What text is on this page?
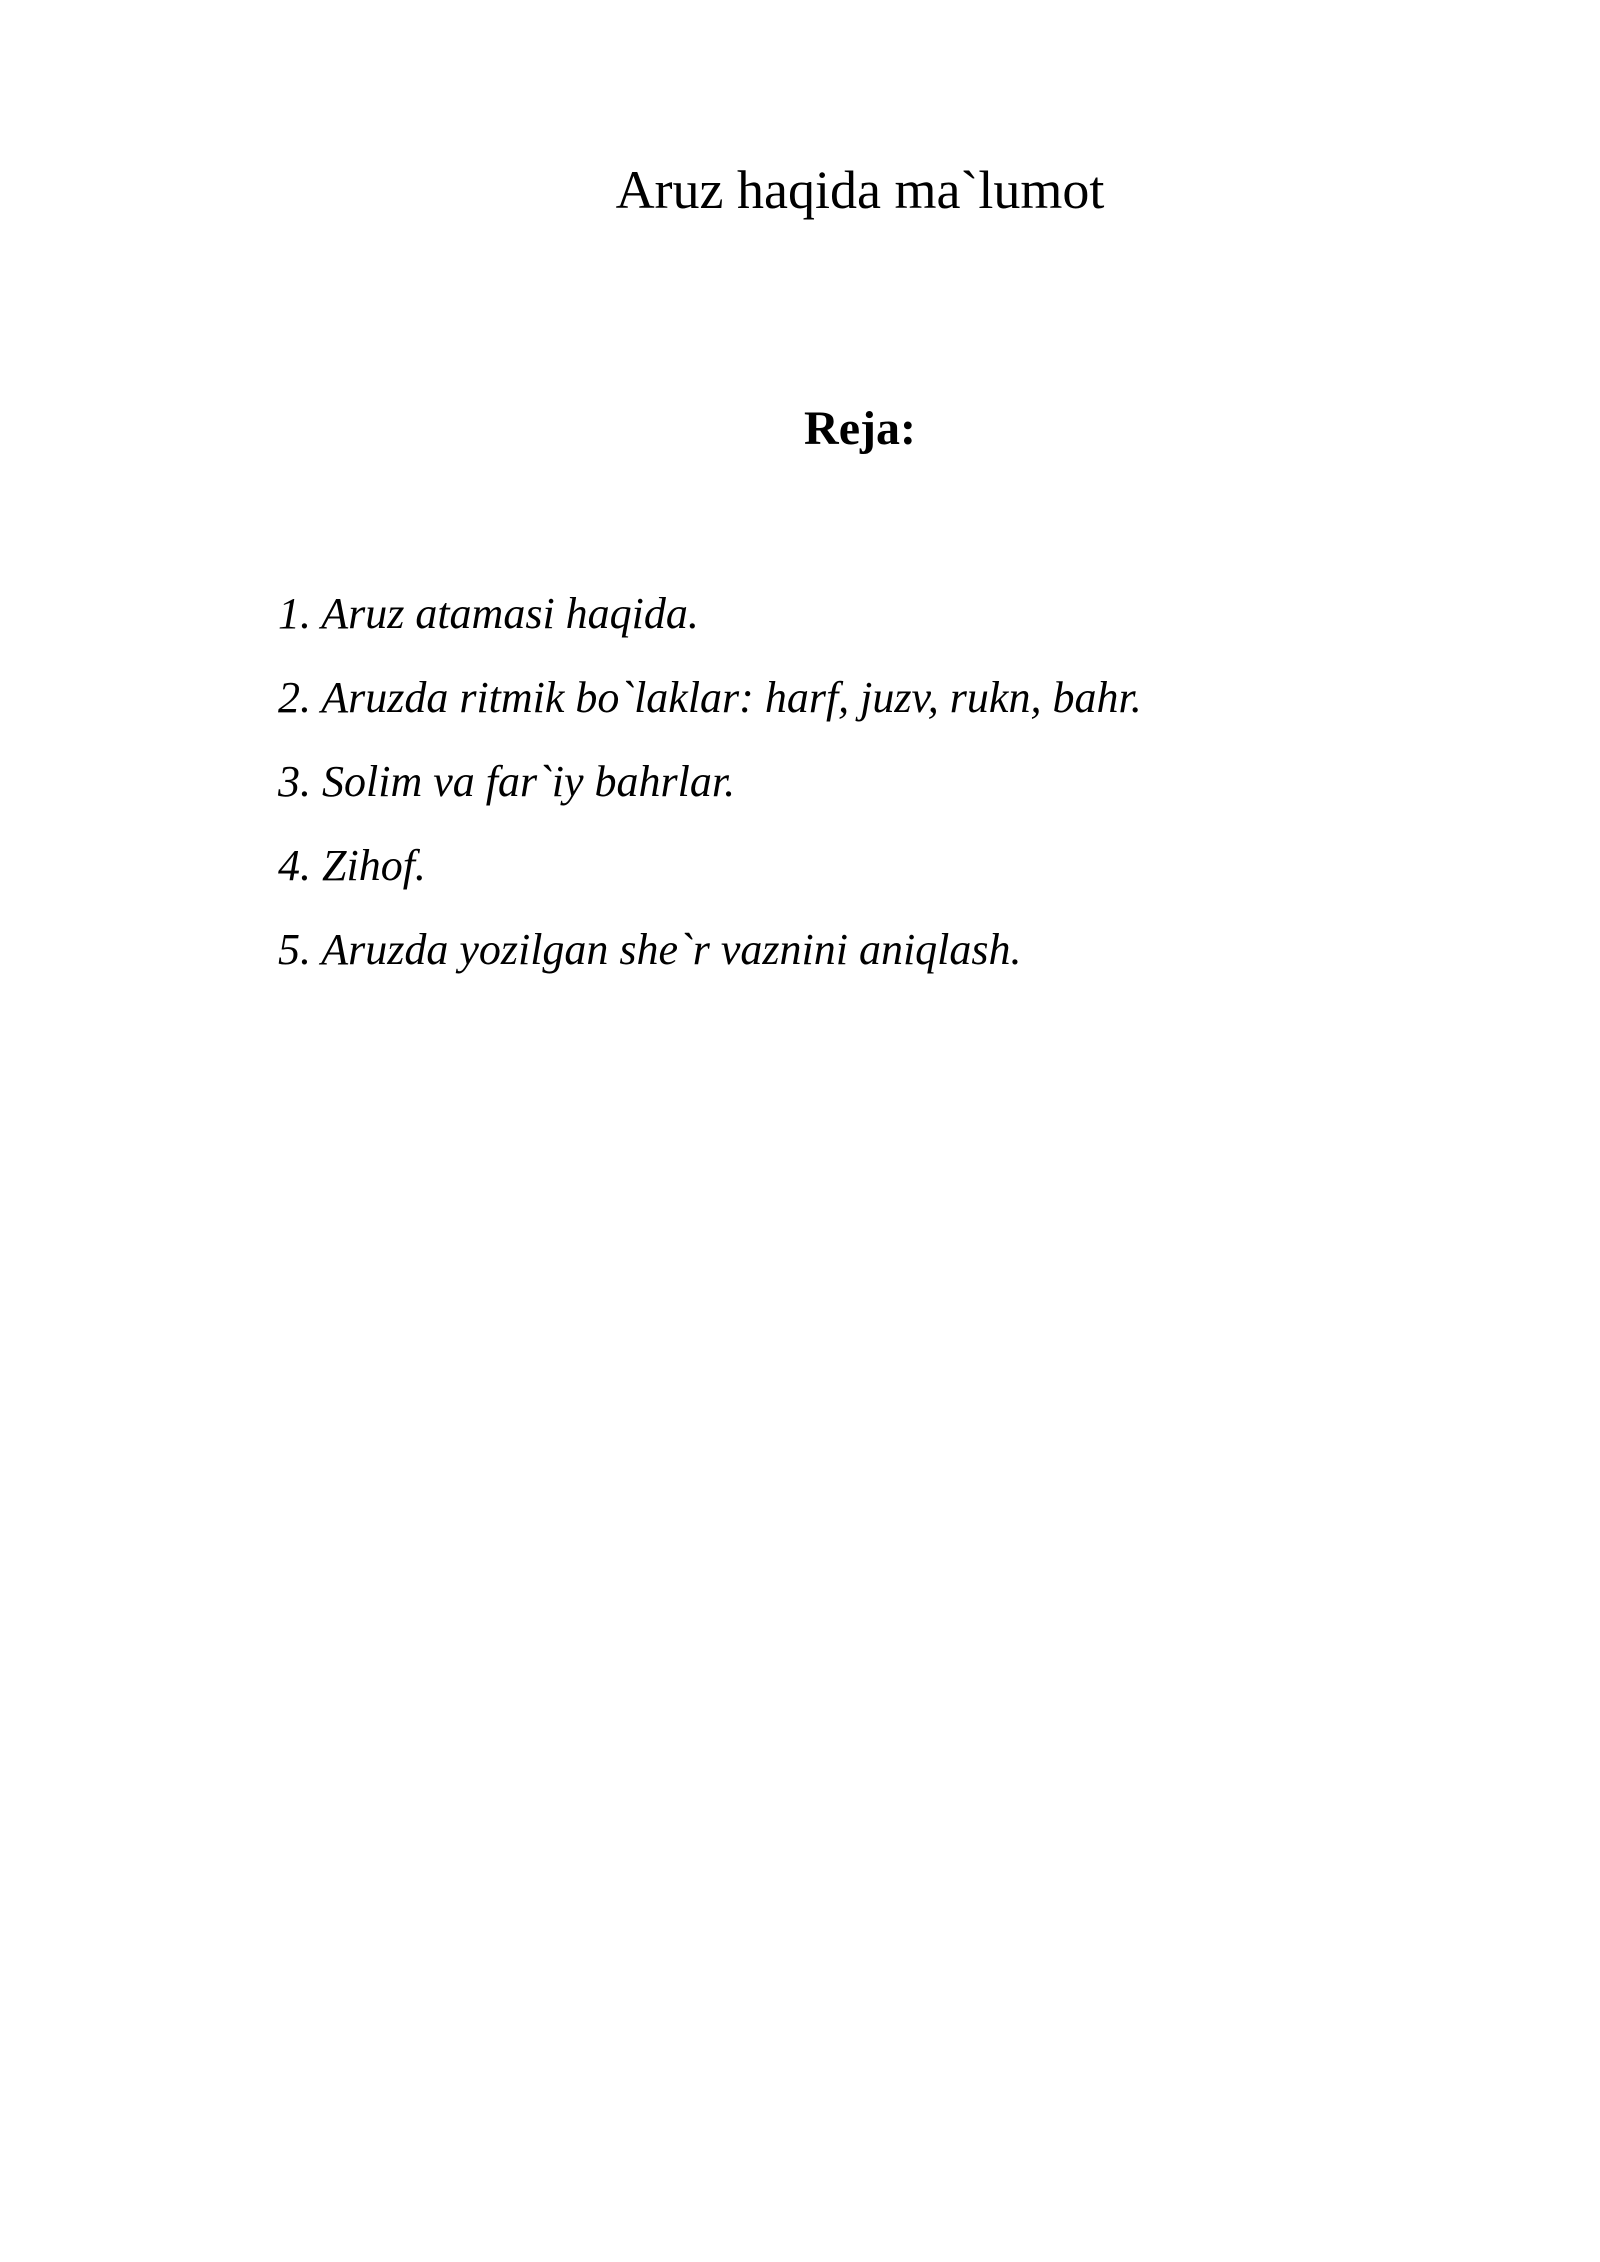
Aruz haqida ma`lumot
Reja:
1. Aruz atamasi haqida.
2. Aruzda ritmik bo`laklar: harf, juzv, rukn, bahr.
3. Solim va far`iy bahrlar.
4. Zihof.
5. Aruzda yozilgan she`r vaznini aniqlash.
